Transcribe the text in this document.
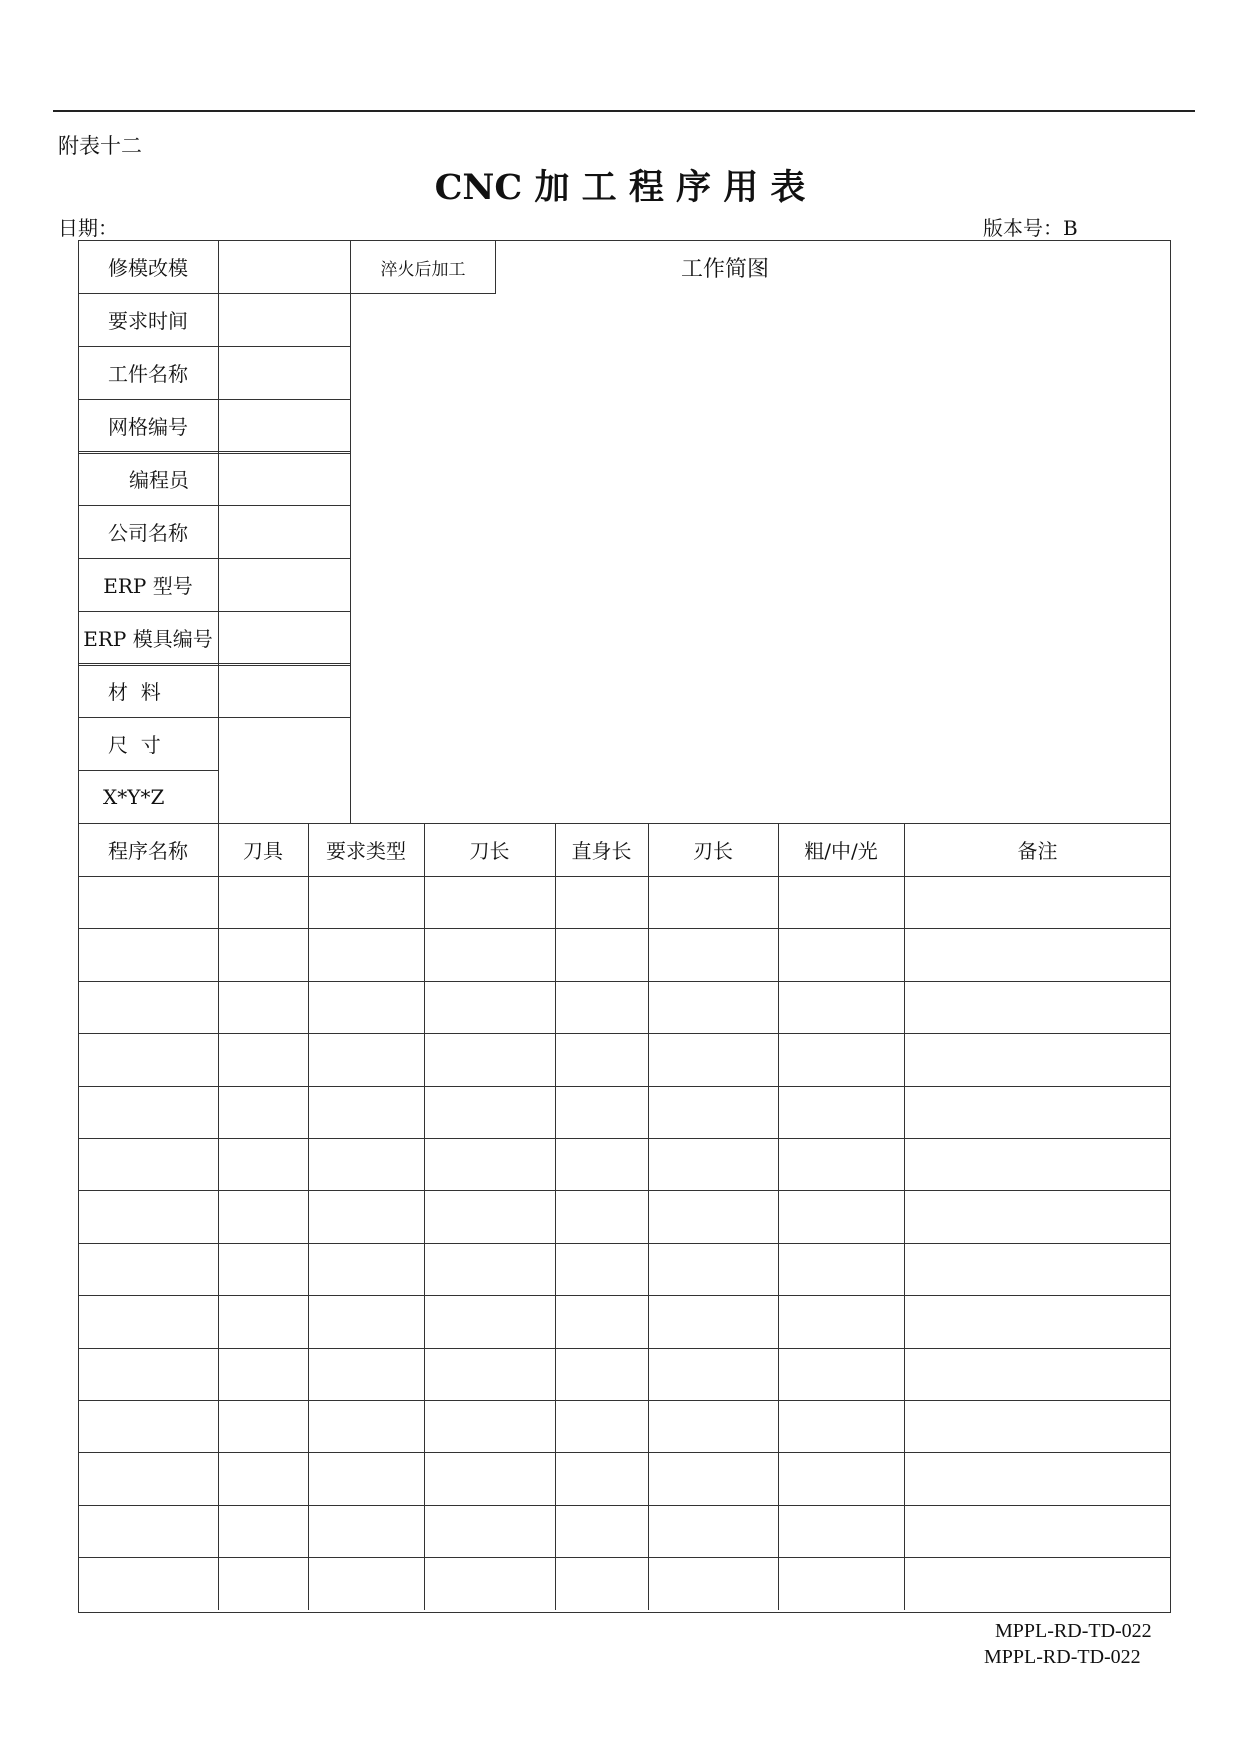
附表十二
CNC 加 工 程 序 用 表
日期：	版本号：B
淬火后加工	工作简图
修模改模
要求时间
工件名称
网格编号
编程员
公司名称
ERP 型号
ERP 模具编号
材  料
尺  寸
X*Y*Z
程序名称	刀具	要求类型	刀长	直身长	刃长	粗/中/光	备注
MPPL-RD-TD-022
MPPL-RD-TD-022
